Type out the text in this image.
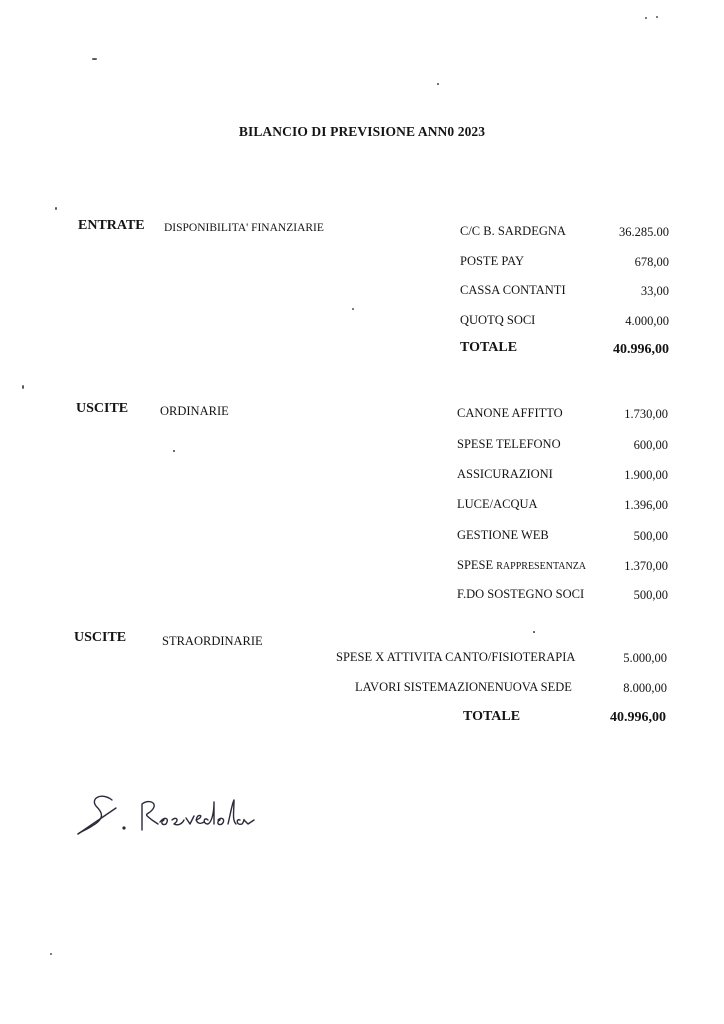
BILANCIO DI PREVISIONE ANN0 2023
ENTRATE DISPONIBILITA' FINANZIARIE	C/C B. SARDEGNA	36.285.00
POSTE PAY	678,00
CASSA CONTANTI	33,00
QUOTQ SOCI	4.000,00
TOTALE	40.996,00
USCITE	ORDINARIE	CANONE AFFITTO	1.730,00
SPESE TELEFONO	600,00
ASSICURAZIONI	1.900,00
LUCE/ACQUA	1.396,00
GESTIONE WEB	500,00
SPESE RAPPRESENTANZA	1.370,00
F.DO SOSTEGNO SOCI	500,00
USCITE	STRAORDINARIE
SPESE X ATTIVITA CANTO/FISIOTERAPIA	5.000,00
LAVORI SISTEMAZIONENUOVA SEDE	8.000,00
TOTALE	40.996,00
